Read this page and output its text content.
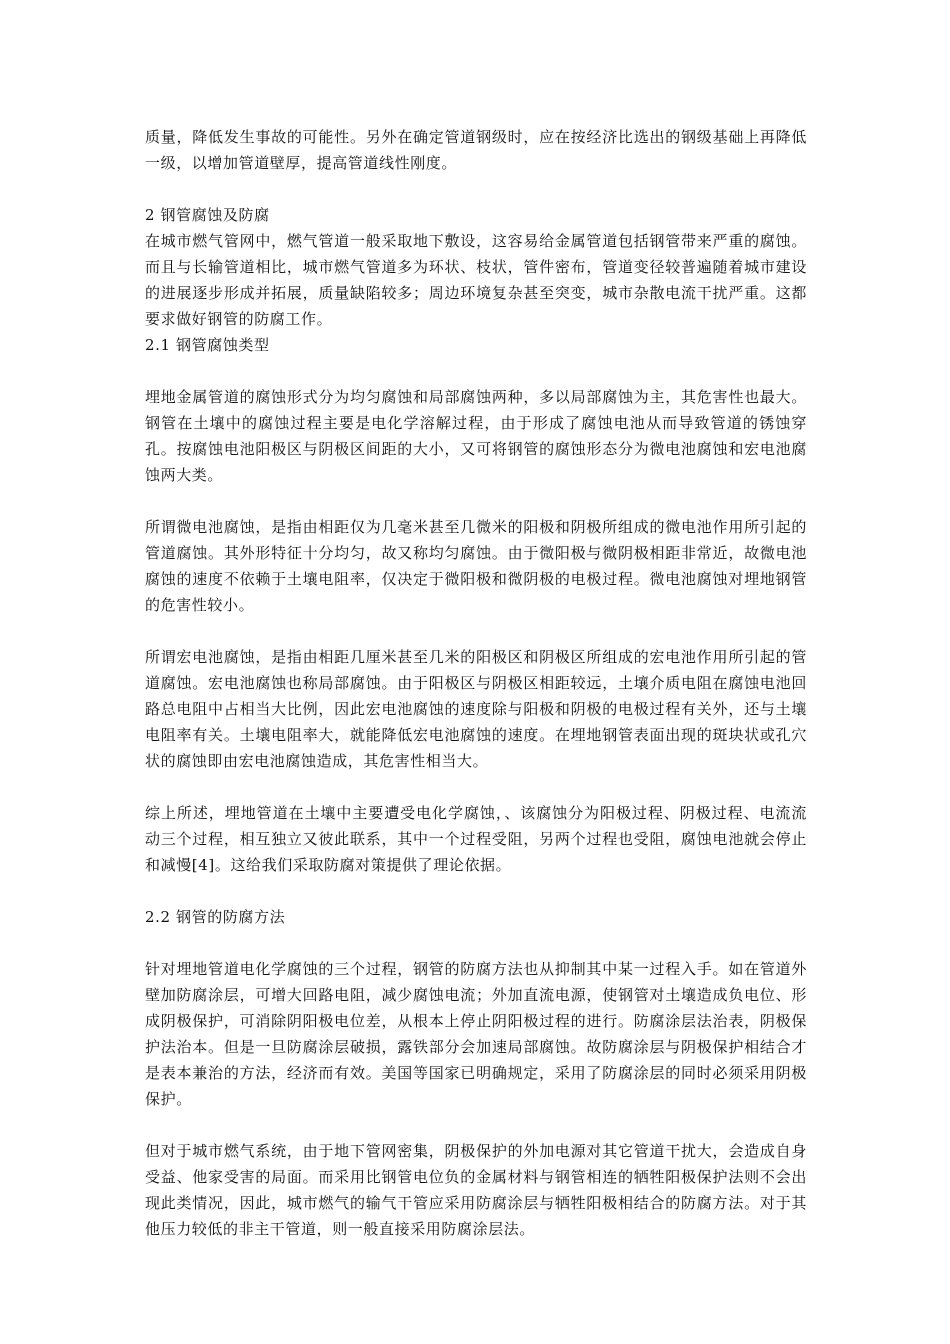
质量，降低发生事故的可能性。另外在确定管道钢级时，应在按经济比选出的钢级基础上再降低一级，以增加管道壁厚，提高管道线性刚度。

2 钢管腐蚀及防腐

在城市燃气管网中，燃气管道一般采取地下敷设，这容易给金属管道包括钢管带来严重的腐蚀。而且与长输管道相比，城市燃气管道多为环状、枝状，管件密布，管道变径较普遍随着城市建设的进展逐步形成并拓展，质量缺陷较多；周边环境复杂甚至突变，城市杂散电流干扰严重。这都要求做好钢管的防腐工作。

2.1 钢管腐蚀类型

埋地金属管道的腐蚀形式分为均匀腐蚀和局部腐蚀两种，多以局部腐蚀为主，其危害性也最大。钢管在土壤中的腐蚀过程主要是电化学溶解过程，由于形成了腐蚀电池从而导致管道的锈蚀穿孔。按腐蚀电池阳极区与阴极区间距的大小，又可将钢管的腐蚀形态分为微电池腐蚀和宏电池腐蚀两大类。

所谓微电池腐蚀，是指由相距仅为几毫米甚至几微米的阳极和阴极所组成的微电池作用所引起的管道腐蚀。其外形特征十分均匀，故又称均匀腐蚀。由于微阳极与微阴极相距非常近，故微电池腐蚀的速度不依赖于土壤电阻率，仅决定于微阳极和微阴极的电极过程。微电池腐蚀对埋地钢管的危害性较小。

所谓宏电池腐蚀，是指由相距几厘米甚至几米的阳极区和阴极区所组成的宏电池作用所引起的管道腐蚀。宏电池腐蚀也称局部腐蚀。由于阳极区与阴极区相距较远，土壤介质电阻在腐蚀电池回路总电阻中占相当大比例，因此宏电池腐蚀的速度除与阳极和阴极的电极过程有关外，还与土壤电阻率有关。土壤电阻率大，就能降低宏电池腐蚀的速度。在埋地钢管表面出现的斑块状或孔穴状的腐蚀即由宏电池腐蚀造成，其危害性相当大。

综上所述，埋地管道在土壤中主要遭受电化学腐蚀，、该腐蚀分为阳极过程、阴极过程、电流流动三个过程，相互独立又彼此联系，其中一个过程受阻，另两个过程也受阻，腐蚀电池就会停止和减慢[4]。这给我们采取防腐对策提供了理论依据。

2.2 钢管的防腐方法

针对埋地管道电化学腐蚀的三个过程，钢管的防腐方法也从抑制其中某一过程入手。如在管道外壁加防腐涂层，可增大回路电阻，减少腐蚀电流；外加直流电源，使钢管对土壤造成负电位、形成阴极保护，可消除阴阳极电位差，从根本上停止阴阳极过程的进行。防腐涂层法治表，阴极保护法治本。但是一旦防腐涂层破损，露铁部分会加速局部腐蚀。故防腐涂层与阴极保护相结合才是表本兼治的方法，经济而有效。美国等国家已明确规定，采用了防腐涂层的同时必须采用阴极保护。

但对于城市燃气系统，由于地下管网密集，阴极保护的外加电源对其它管道干扰大，会造成自身受益、他家受害的局面。而采用比钢管电位负的金属材料与钢管相连的牺牲阳极保护法则不会出现此类情况，因此，城市燃气的输气干管应采用防腐涂层与牺牲阳极相结合的防腐方法。对于其他压力较低的非主干管道，则一般直接采用防腐涂层法。
